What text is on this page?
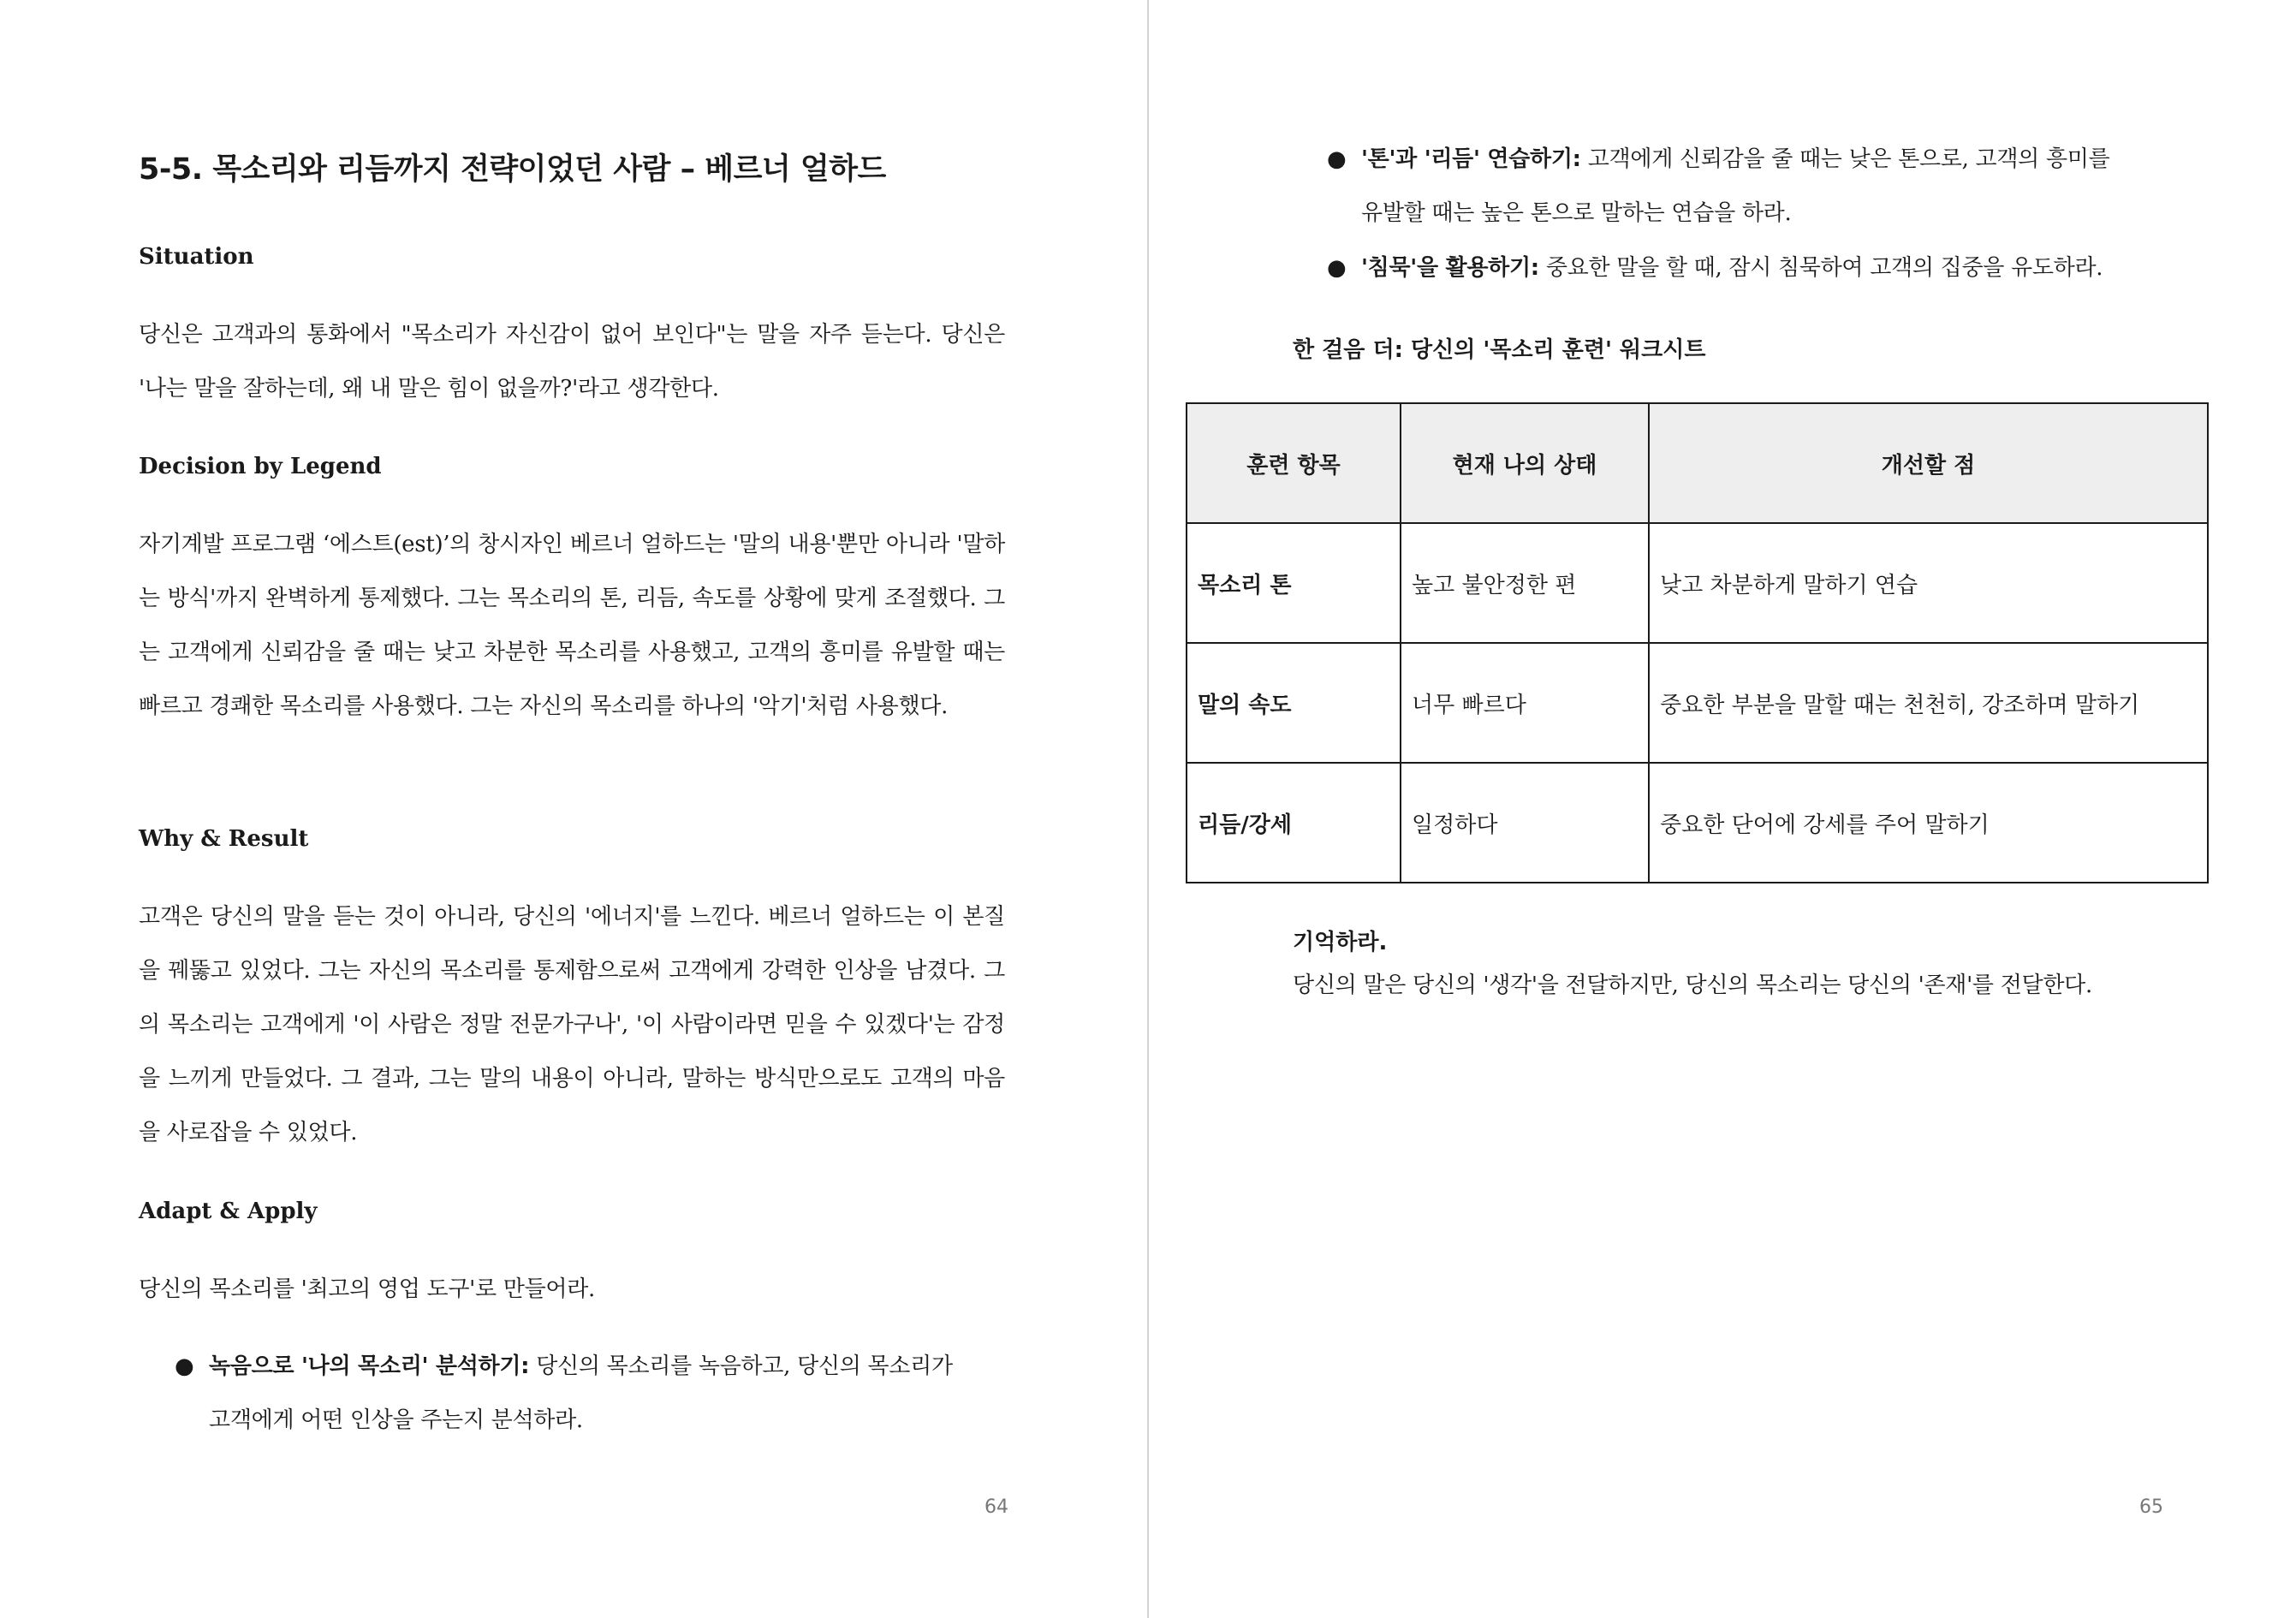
5-5. 목소리와 리듬까지 전략이었던 사람 – 베르너 얼하드
Situation

당신은 고객과의 통화에서 "목소리가 자신감이 없어 보인다"는 말을 자주 듣는다. 당신은 '나는 말을 잘하는데, 왜 내 말은 힘이 없을까?'라고 생각한다.

Decision by Legend

자기계발 프로그램 ‘에스트(est)’의 창시자인 베르너 얼하드는 '말의 내용'뿐만 아니라 '말하는 방식'까지 완벽하게 통제했다. 그는 목소리의 톤, 리듬, 속도를 상황에 맞게 조절했다. 그는 고객에게 신뢰감을 줄 때는 낮고 차분한 목소리를 사용했고, 고객의 흥미를 유발할 때는 빠르고 경쾌한 목소리를 사용했다. 그는 자신의 목소리를 하나의 '악기'처럼 사용했다.

Why & Result

고객은 당신의 말을 듣는 것이 아니라, 당신의 '에너지'를 느낀다. 베르너 얼하드는 이 본질을 꿰뚫고 있었다. 그는 자신의 목소리를 통제함으로써 고객에게 강력한 인상을 남겼다. 그의 목소리는 고객에게 '이 사람은 정말 전문가구나', '이 사람이라면 믿을 수 있겠다'는 감정을 느끼게 만들었다. 그 결과, 그는 말의 내용이 아니라, 말하는 방식만으로도 고객의 마음을 사로잡을 수 있었다.

Adapt & Apply

당신의 목소리를 '최고의 영업 도구'로 만들어라.

● 녹음으로 '나의 목소리' 분석하기: 당신의 목소리를 녹음하고, 당신의 목소리가
고객에게 어떤 인상을 주는지 분석하라.
64
● '톤'과 '리듬' 연습하기: 고객에게 신뢰감을 줄 때는 낮은 톤으로, 고객의 흥미를
유발할 때는 높은 톤으로 말하는 연습을 하라.
● '침묵'을 활용하기: 중요한 말을 할 때, 잠시 침묵하여 고객의 집중을 유도하라.
한 걸음 더: 당신의 '목소리 훈련' 워크시트
훈련 항목	현재 나의 상태	개선할 점
목소리 톤	높고 불안정한 편	낮고 차분하게 말하기 연습
말의 속도	너무 빠르다	중요한 부분을 말할 때는 천천히, 강조하며 말하기
리듬/강세	일정하다	중요한 단어에 강세를 주어 말하기
기억하라.

당신의 말은 당신의 '생각'을 전달하지만, 당신의 목소리는 당신의 '존재'를 전달한다.

65
